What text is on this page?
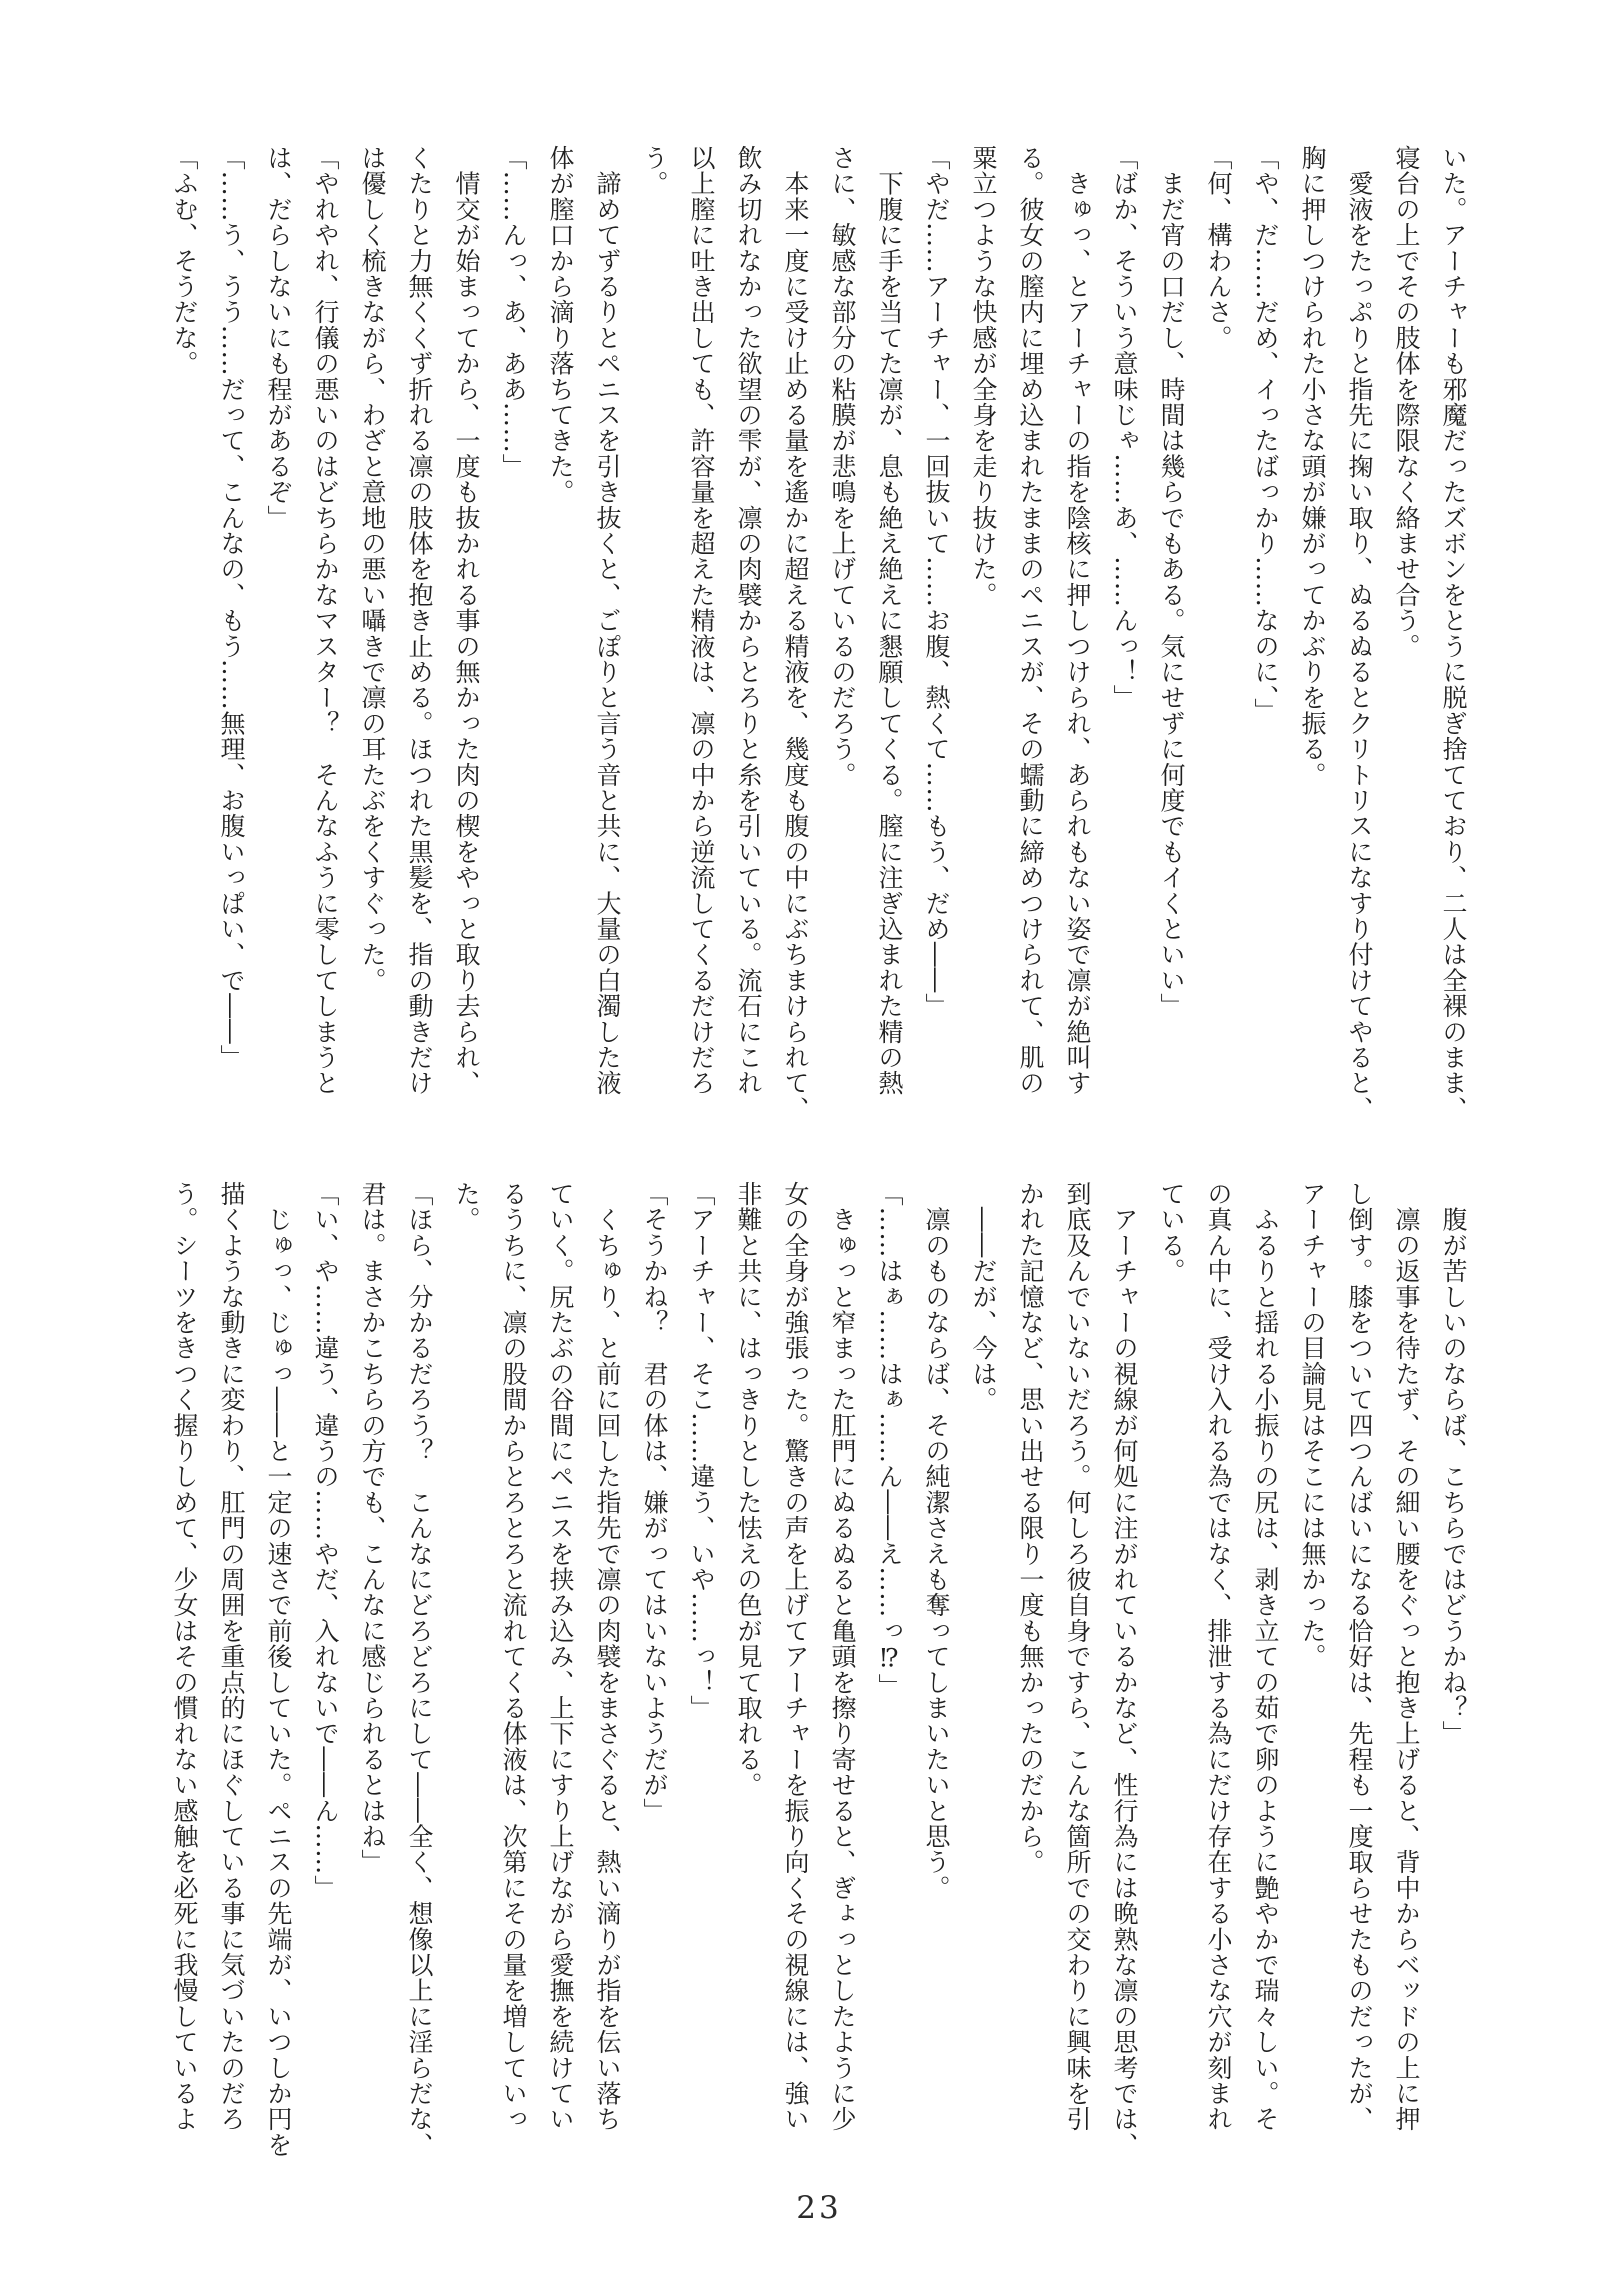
いた。アーチャーも邪魔だったズボンをとうに脱ぎ捨てており、二人は全裸のまま、
寝台の上でその肢体を際限なく絡ませ合う。
　愛液をたっぷりと指先に掬い取り、ぬるぬるとクリトリスになすり付けてやると、
胸に押しつけられた小さな頭が嫌がってかぶりを振る。
「や、だ……だめ、イったばっかり……なのに、」
「何、構わんさ。
　まだ宵の口だし、時間は幾らでもある。気にせずに何度でもイくといい」
「ばか、そういう意味じゃ……あ、……んっ！」
　きゅっ、とアーチャーの指を陰核に押しつけられ、あられもない姿で凛が絶叫す
る。彼女の膣内に埋め込まれたままのペニスが、その蠕動に締めつけられて、肌の
粟立つような快感が全身を走り抜けた。
「やだ……アーチャー、一回抜いて……お腹、熱くて……もう、だめ――」
　下腹に手を当てた凛が、息も絶え絶えに懇願してくる。膣に注ぎ込まれた精の熱
さに、敏感な部分の粘膜が悲鳴を上げているのだろう。
　本来一度に受け止める量を遙かに超える精液を、幾度も腹の中にぶちまけられて、
飲み切れなかった欲望の雫が、凛の肉襞からとろりと糸を引いている。流石にこれ
以上膣に吐き出しても、許容量を超えた精液は、凛の中から逆流してくるだけだろ
う。
　諦めてずるりとペニスを引き抜くと、ごぽりと言う音と共に、大量の白濁した液
体が膣口から滴り落ちてきた。
「……んっ、あ、ああ……」
　情交が始まってから、一度も抜かれる事の無かった肉の楔をやっと取り去られ、
くたりと力無くくず折れる凛の肢体を抱き止める。ほつれた黒髪を、指の動きだけ
は優しく梳きながら、わざと意地の悪い囁きで凛の耳たぶをくすぐった。
「やれやれ、行儀の悪いのはどちらかなマスター？　そんなふうに零してしまうと
は、だらしないにも程があるぞ」
「……う、うう……だって、こんなの、もう……無理、お腹いっぱい、で――」
「ふむ、そうだな。
　腹が苦しいのならば、こちらではどうかね？」
　凛の返事を待たず、その細い腰をぐっと抱き上げると、背中からベッドの上に押
し倒す。膝をついて四つんばいになる恰好は、先程も一度取らせたものだったが、
アーチャーの目論見はそこには無かった。
　ふるりと揺れる小振りの尻は、剥き立ての茹で卵のように艶やかで瑞々しい。そ
の真ん中に、受け入れる為ではなく、排泄する為にだけ存在する小さな穴が刻まれ
ている。
　アーチャーの視線が何処に注がれているかなど、性行為には晩熟な凛の思考では、
到底及んでいないだろう。何しろ彼自身ですら、こんな箇所での交わりに興味を引
かれた記憶など、思い出せる限り一度も無かったのだから。
　――だが、今は。
　凛のものならば、その純潔さえも奪ってしまいたいと思う。
「……はぁ……はぁ……ん――え……っ⁉」
　きゅっと窄まった肛門にぬるぬると亀頭を擦り寄せると、ぎょっとしたように少
女の全身が強張った。驚きの声を上げてアーチャーを振り向くその視線には、強い
非難と共に、はっきりとした怯えの色が見て取れる。
「アーチャー、そこ……違う、いや……っ！」
「そうかね？　君の体は、嫌がってはいないようだが」
　くちゅり、と前に回した指先で凛の肉襞をまさぐると、熱い滴りが指を伝い落ち
ていく。尻たぶの谷間にペニスを挟み込み、上下にすり上げながら愛撫を続けてい
るうちに、凛の股間からとろとろと流れてくる体液は、次第にその量を増していっ
た。
「ほら、分かるだろう？　こんなにどろどろにして――全く、想像以上に淫らだな、
君は。まさかこちらの方でも、こんなに感じられるとはね」
「い、や……違う、違うの……やだ、入れないで――ん……」
　じゅっ、じゅっ――と一定の速さで前後していた。ペニスの先端が、いつしか円を
描くような動きに変わり、肛門の周囲を重点的にほぐしている事に気づいたのだろ
う。シーツをきつく握りしめて、少女はその慣れない感触を必死に我慢しているよ
23
